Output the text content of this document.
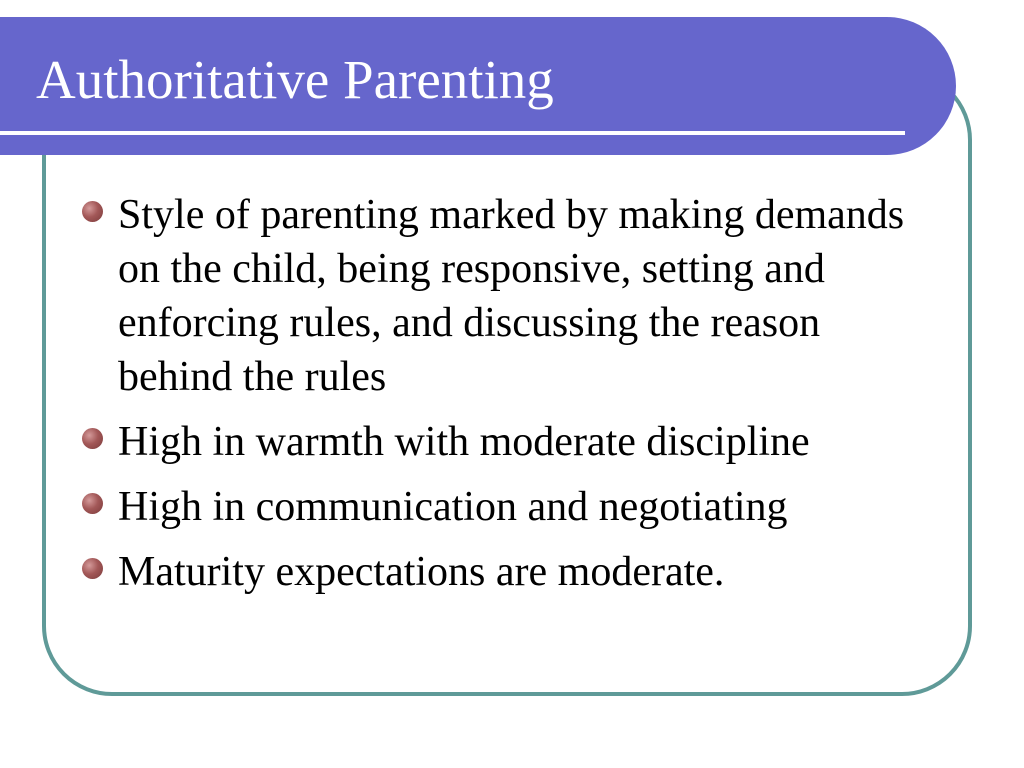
Authoritative Parenting
Style of parenting marked by making demands on the child, being responsive, setting and enforcing rules, and discussing the reason behind the rules
High in warmth with moderate discipline
High in communication and negotiating
Maturity expectations are moderate.
